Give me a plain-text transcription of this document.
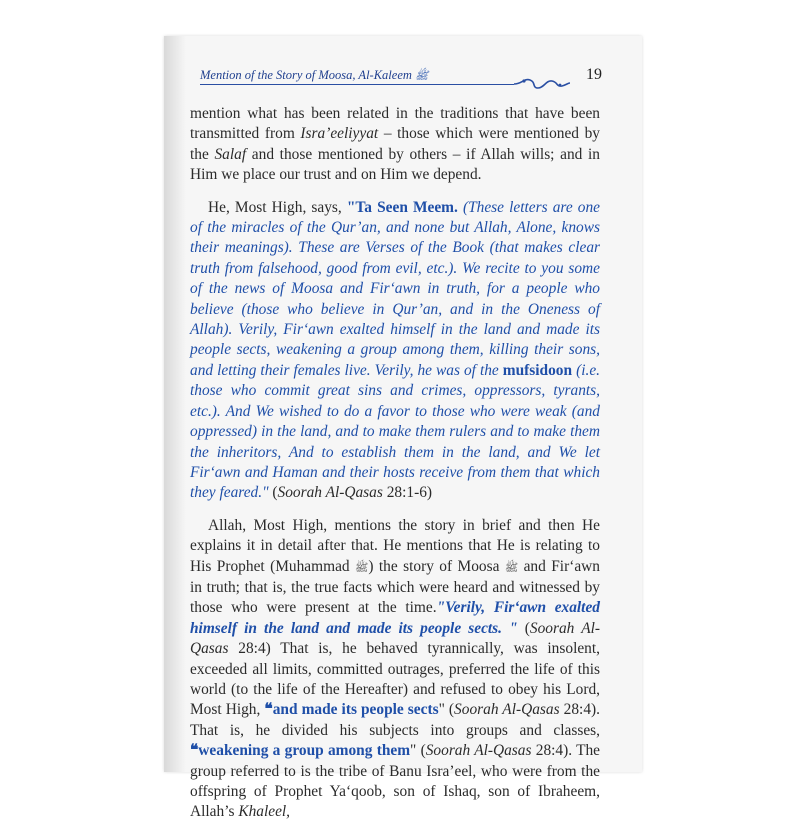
Mention of the Story of Moosa, Al-Kaleem ﷺ	19

mention what has been related in the traditions that have been transmitted from Isra’eeliyyat – those which were mentioned by the Salaf and those mentioned by others – if Allah wills; and in Him we place our trust and on Him we depend.

He, Most High, says, "Ta Seen Meem. (These letters are one of the miracles of the Qur’an, and none but Allah, Alone, knows their meanings). These are Verses of the Book (that makes clear truth from falsehood, good from evil, etc.). We recite to you some of the news of Moosa and Fir‘awn in truth, for a people who believe (those who believe in Qur’an, and in the Oneness of Allah). Verily, Fir‘awn exalted himself in the land and made its people sects, weakening a group among them, killing their sons, and letting their females live. Verily, he was of the mufsidoon (i.e. those who commit great sins and crimes, oppressors, tyrants, etc.). And We wished to do a favor to those who were weak (and oppressed) in the land, and to make them rulers and to make them the inheritors, And to establish them in the land, and We let Fir‘awn and Haman and their hosts receive from them that which they feared." (Soorah Al-Qasas 28:1-6)

Allah, Most High, mentions the story in brief and then He explains it in detail after that. He mentions that He is relating to His Prophet (Muhammad ﷺ) the story of Moosa ﷺ and Fir‘awn in truth; that is, the true facts which were heard and witnessed by those who were present at the time."Verily, Fir‘awn exalted himself in the land and made its people sects. " (Soorah Al-Qasas 28:4) That is, he behaved tyrannically, was insolent, exceeded all limits, committed outrages, preferred the life of this world (to the life of the Hereafter) and refused to obey his Lord, Most High, ❝and made its people sects" (Soorah Al-Qasas 28:4). That is, he divided his subjects into groups and classes, ❝weakening a group among them" (Soorah Al-Qasas 28:4). The group referred to is the tribe of Banu Isra’eel, who were from the offspring of Prophet Ya‘qoob, son of Ishaq, son of Ibraheem, Allah’s Khaleel,
